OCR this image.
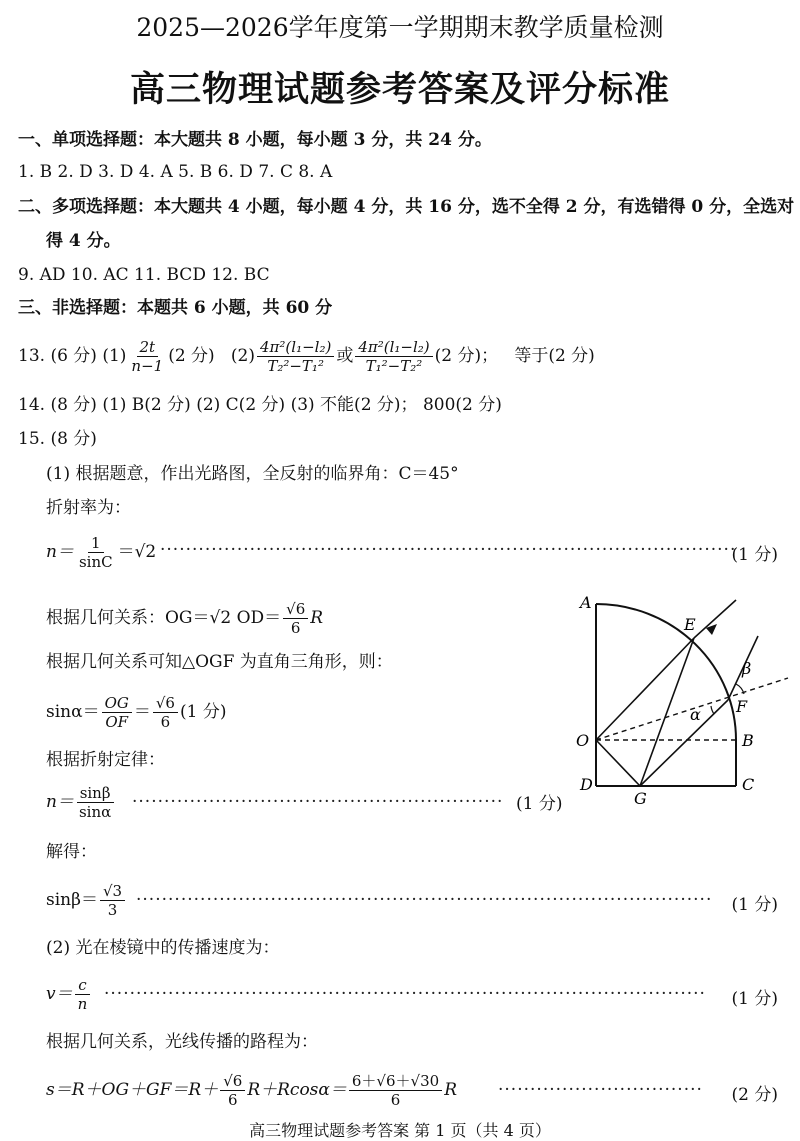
2025—2026学年度第一学期期末教学质量检测
高三物理试题参考答案及评分标准
一、单项选择题：本大题共 8 小题，每小题 3 分，共 24 分。
1. B 2. D 3. D 4. A 5. B 6. D 7. C 8. A
二、多项选择题：本大题共 4 小题，每小题 4 分，共 16 分，选不全得 2 分，有选错得 0 分，全选对
得 4 分。
9. AD 10. AC 11. BCD 12. BC
三、非选择题：本题共 6 小题，共 60 分
13. (6 分) $(1) \frac{2t}{n-1} (2$ 分) $(2) \frac{\text{4π²(l₁−l₂)}}{\text{T₂²−T₁²}}$ 或 $\frac{\text{4π²(l₁−l₂)}}{\text{T₁²−T₂²}} (2$ 分)； 等于(2 分)
14. (8 分) (1) B(2 分) (2) C(2 分) (3) 不能(2 分)； 800(2 分)
15. (8 分)
(1) 根据题意，作出光路图，全反射的临界角：C＝45°
折射率为：
$n= \frac{1}{\sin C} =√2$ ··························································································
(1 分)
根据几何关系：OG＝√2 $OD= \frac{√6}{6}$ R
根据几何关系可知△OGF 为直角三角形，则：
$\sin\alpha= \frac{OG}{OF} = \frac{√6}{6} (1$ 分)
根据折射定律：
$n= \frac{\sin\beta}{\sin\alpha}$ ·························································· (1 分)
解得：
$\sin\beta= \frac{√3}{3}$ ·························································································· (1 分)
(2) 光在棱镜中的传播速度为：
$v= \frac{c}{n}$ ······························································································	(1 分)
根据几何关系，光线传播的路程为：
$s=R+OG+GF=R+ \frac{√6}{6} R+Rcos\alpha= \frac{6+√6+√30}{6}$ R ································	(2 分)
A
E
β
F
α
O	B
D
G
C
高三物理试题参考答案 第 1 页（共 4 页）
